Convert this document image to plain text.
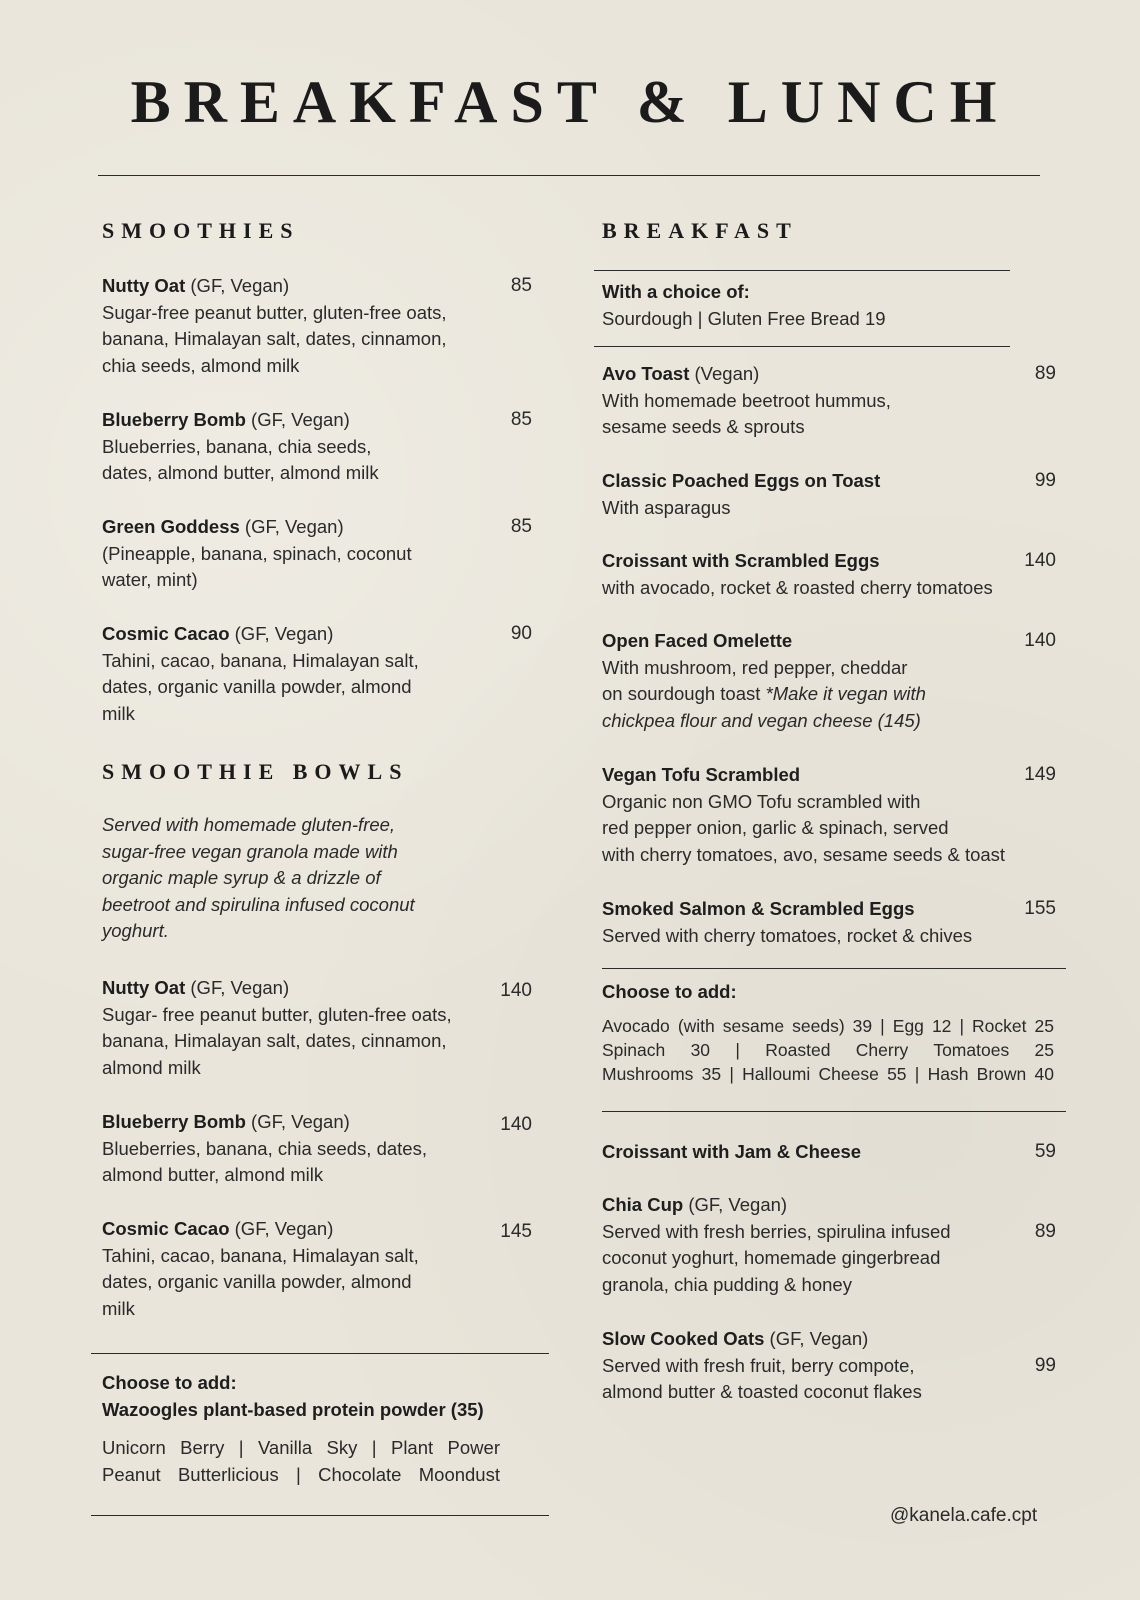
BREAKFAST & LUNCH
SMOOTHIES
Nutty Oat (GF, Vegan)
Sugar-free peanut butter, gluten-free oats,
banana, Himalayan salt, dates, cinnamon,
chia seeds, almond milk
85
Blueberry Bomb (GF, Vegan)
Blueberries, banana, chia seeds,
dates, almond butter, almond milk
85
Green Goddess (GF, Vegan)
(Pineapple, banana, spinach, coconut
water, mint)
85
Cosmic Cacao (GF, Vegan)
Tahini, cacao, banana, Himalayan salt,
dates, organic vanilla powder, almond
milk
90
SMOOTHIE BOWLS
Served with homemade gluten-free,
sugar-free vegan granola made with
organic maple syrup & a drizzle of
beetroot and spirulina infused coconut
yoghurt.
Nutty Oat (GF, Vegan)
Sugar- free peanut butter, gluten-free oats,
banana, Himalayan salt, dates, cinnamon,
almond milk
140
Blueberry Bomb (GF, Vegan)
Blueberries, banana, chia seeds, dates,
almond butter, almond milk
140
Cosmic Cacao (GF, Vegan)
Tahini, cacao, banana, Himalayan salt,
dates, organic vanilla powder, almond
milk
145
Choose to add:
Wazoogles plant-based protein powder (35)
Unicorn Berry | Vanilla Sky | Plant Power
Peanut Butterlicious | Chocolate Moondust
BREAKFAST
With a choice of:
Sourdough | Gluten Free Bread 19
Avo Toast (Vegan)
With homemade beetroot hummus,
sesame seeds & sprouts
89
Classic Poached Eggs on Toast
With asparagus
99
Croissant with Scrambled Eggs
with avocado, rocket & roasted cherry tomatoes
140
Open Faced Omelette
With mushroom, red pepper, cheddar
on sourdough toast *Make it vegan with
chickpea flour and vegan cheese (145)
140
Vegan Tofu Scrambled
Organic non GMO Tofu scrambled with
red pepper onion, garlic & spinach, served
with cherry tomatoes, avo, sesame seeds & toast
149
Smoked Salmon & Scrambled Eggs
Served with cherry tomatoes, rocket & chives
155
Choose to add:
Avocado (with sesame seeds) 39 | Egg 12 | Rocket 25
Spinach 30 | Roasted Cherry Tomatoes 25
Mushrooms 35 | Halloumi Cheese 55 | Hash Brown 40
Croissant with Jam & Cheese	59
Chia Cup (GF, Vegan)
Served with fresh berries, spirulina infused
coconut yoghurt, homemade gingerbread
granola, chia pudding & honey
89
Slow Cooked Oats (GF, Vegan)
Served with fresh fruit, berry compote,
almond butter & toasted coconut flakes
99
@kanela.cafe.cpt
